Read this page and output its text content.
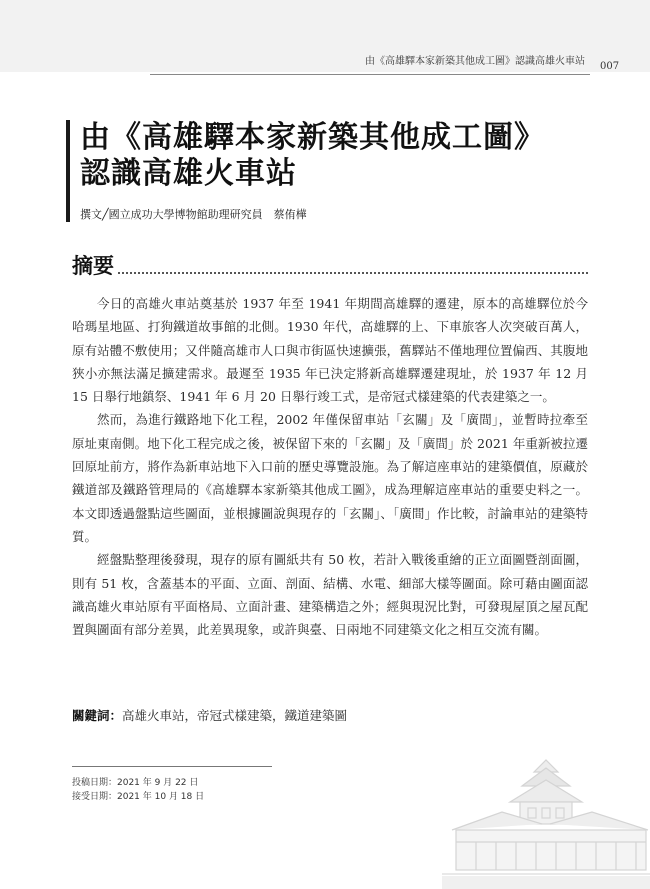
由《高雄驛本家新築其他成工圖》認識高雄火車站 007
由《高雄驛本家新築其他成工圖》
認識高雄火車站
撰文╱國立成功大學博物館助理研究員　蔡侑樺
摘要

今日的高雄火車站奠基於 1937 年至 1941 年期間高雄驛的遷建，原本的高雄驛位於今哈瑪星地區、打狗鐵道故事館的北側。1930 年代，高雄驛的上、下車旅客人次突破百萬人，原有站體不敷使用；又伴隨高雄市人口與市街區快速擴張，舊驛站不僅地理位置偏西、其腹地狹小亦無法滿足擴建需求。最遲至 1935 年已決定將新高雄驛遷建現址，於 1937 年 12 月 15 日舉行地鎮祭、1941 年 6 月 20 日舉行竣工式，是帝冠式樣建築的代表建築之一。

然而，為進行鐵路地下化工程，2002 年僅保留車站「玄關」及「廣間」，並暫時拉牽至原址東南側。地下化工程完成之後，被保留下來的「玄關」及「廣間」於 2021 年重新被拉遷回原址前方，將作為新車站地下入口前的歷史導覽設施。為了解這座車站的建築價值，原藏於鐵道部及鐵路管理局的《高雄驛本家新築其他成工圖》，成為理解這座車站的重要史料之一。本文即透過盤點這些圖面，並根據圖說與現存的「玄關」、「廣間」作比較，討論車站的建築特質。

經盤點整理後發現，現存的原有圖紙共有 50 枚，若計入戰後重繪的正立面圖暨剖面圖，則有 51 枚，含蓋基本的平面、立面、剖面、結構、水電、細部大樣等圖面。除可藉由圖面認識高雄火車站原有平面格局、立面計畫、建築構造之外；經與現況比對，可發現屋頂之屋瓦配置與圖面有部分差異，此差異現象，或許與臺、日兩地不同建築文化之相互交流有關。

關鍵詞：高雄火車站，帝冠式樣建築，鐵道建築圖
投稿日期：2021 年 9 月 22 日
接受日期：2021 年 10 月 18 日
